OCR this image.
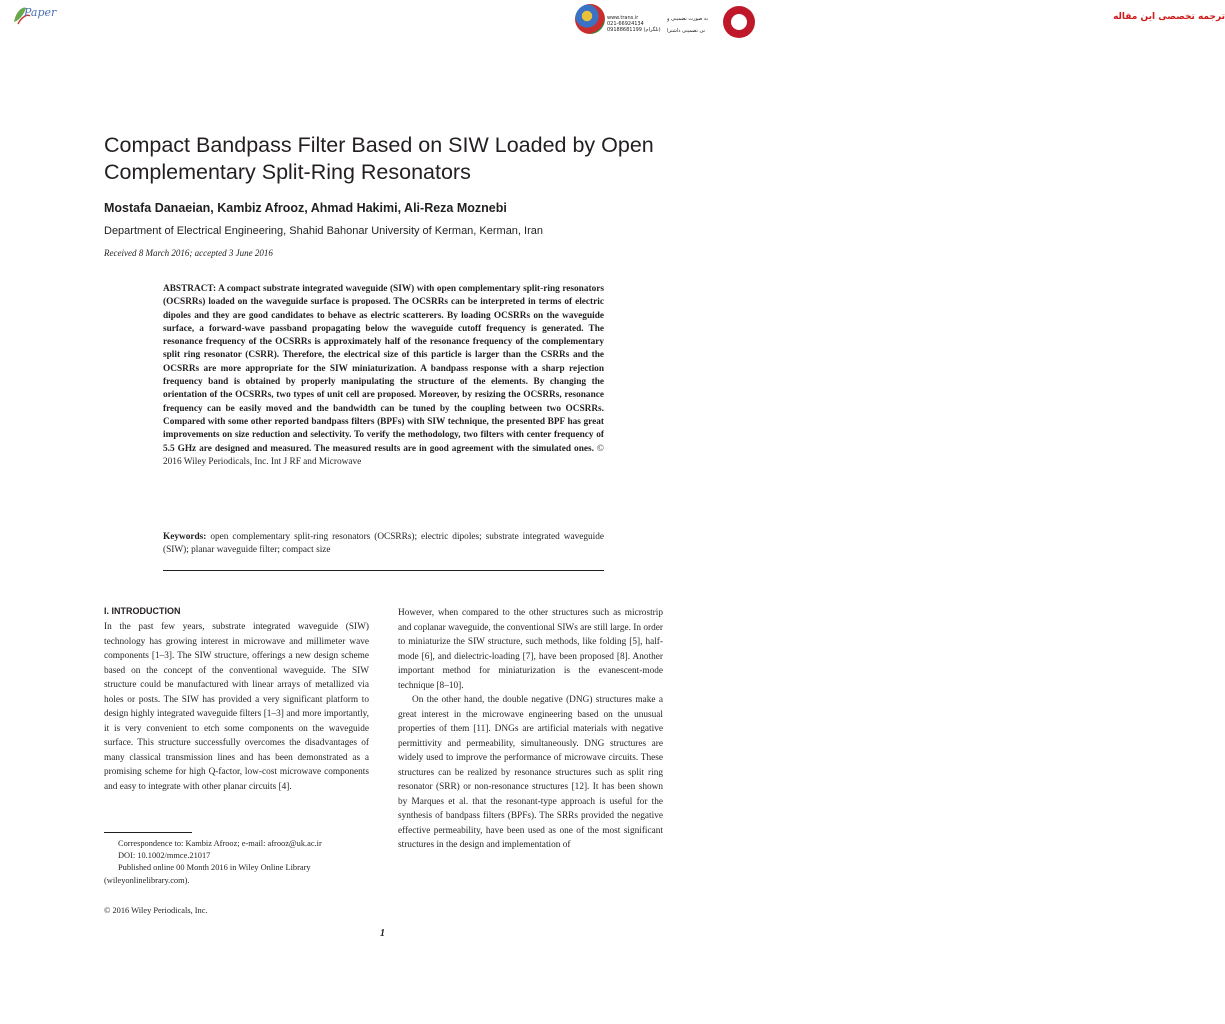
Paper	ترجمه تخصصی این مقاله
www.trans.ir
021-66924134
09188681199 (تلگرام)
به صورت تضمینی و
نی تضمینی داشترا
Compact Bandpass Filter Based on SIW Loaded by Open Complementary Split-Ring Resonators
Mostafa Danaeian, Kambiz Afrooz, Ahmad Hakimi, Ali-Reza Moznebi
Department of Electrical Engineering, Shahid Bahonar University of Kerman, Kerman, Iran
Received 8 March 2016; accepted 3 June 2016
ABSTRACT: A compact substrate integrated waveguide (SIW) with open complementary split-ring resonators (OCSRRs) loaded on the waveguide surface is proposed. The OCSRRs can be interpreted in terms of electric dipoles and they are good candidates to behave as electric scatterers. By loading OCSRRs on the waveguide surface, a forward-wave passband propagating below the waveguide cutoff frequency is generated. The resonance frequency of the OCSRRs is approximately half of the resonance frequency of the complementary split ring resonator (CSRR). Therefore, the electrical size of this particle is larger than the CSRRs and the OCSRRs are more appropriate for the SIW miniaturization. A bandpass response with a sharp rejection frequency band is obtained by properly manipulating the structure of the elements. By changing the orientation of the OCSRRs, two types of unit cell are proposed. Moreover, by resizing the OCSRRs, resonance frequency can be easily moved and the bandwidth can be tuned by the coupling between two OCSRRs. Compared with some other reported bandpass filters (BPFs) with SIW technique, the presented BPF has great improvements on size reduction and selectivity. To verify the methodology, two filters with center frequency of 5.5 GHz are designed and measured. The measured results are in good agreement with the simulated ones. © 2016 Wiley Periodicals, Inc. Int J RF and Microwave
Keywords: open complementary split-ring resonators (OCSRRs); electric dipoles; substrate integrated waveguide (SIW); planar waveguide filter; compact size
I. INTRODUCTION

In the past few years, substrate integrated waveguide (SIW) technology has growing interest in microwave and millimeter wave components [1–3]. The SIW structure, offerings a new design scheme based on the concept of the conventional waveguide. The SIW structure could be manufactured with linear arrays of metallized via holes or posts. The SIW has provided a very significant platform to design highly integrated waveguide filters [1–3] and more importantly, it is very convenient to etch some components on the waveguide surface. This structure successfully overcomes the disadvantages of many classical transmission lines and has been demonstrated as a promising scheme for high Q-factor, low-cost microwave components and easy to integrate with other planar circuits [4].

However, when compared to the other structures such as microstrip and coplanar waveguide, the conventional SIWs are still large. In order to miniaturize the SIW structure, such methods, like folding [5], half-mode [6], and dielectric-loading [7], have been proposed [8]. Another important method for miniaturization is the evanescent-mode technique [8–10].

On the other hand, the double negative (DNG) structures make a great interest in the microwave engineering based on the unusual properties of them [11]. DNGs are artificial materials with negative permittivity and permeability, simultaneously. DNG structures are widely used to improve the performance of microwave circuits. These structures can be realized by resonance structures such as split ring resonator (SRR) or non-resonance structures [12]. It has been shown by Marques et al. that the resonant-type approach is useful for the synthesis of bandpass filters (BPFs). The SRRs provided the negative effective permeability, have been used as one of the most significant structures in the design and implementation of

Correspondence to: Kambiz Afrooz; e-mail: afrooz@uk.ac.ir

DOI: 10.1002/mmce.21017

Published online 00 Month 2016 in Wiley Online Library (wileyonlinelibrary.com).

© 2016 Wiley Periodicals, Inc.
1
